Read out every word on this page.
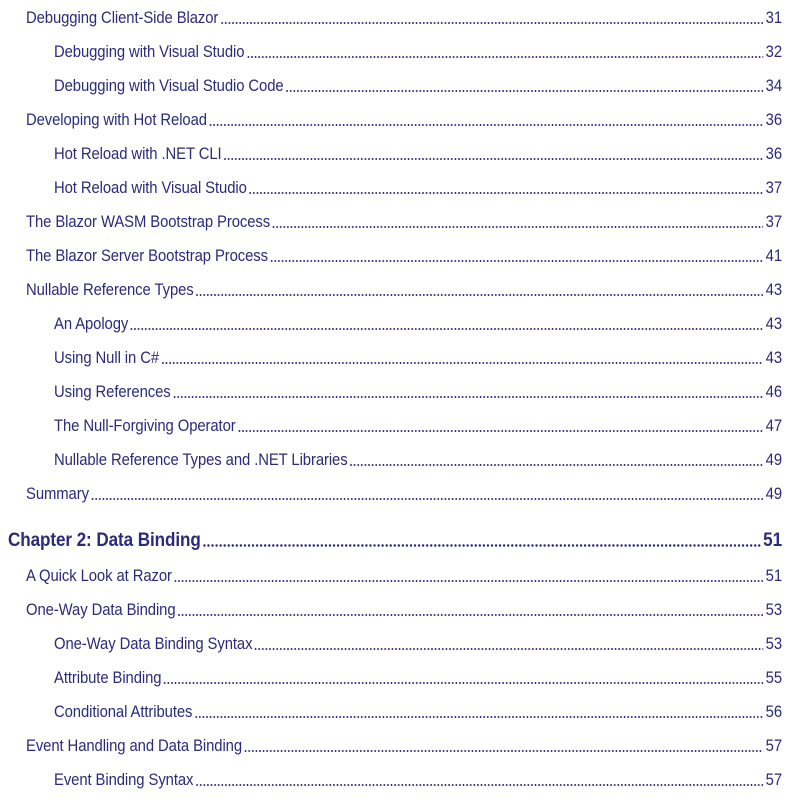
Debugging Client-Side Blazor	31
Debugging with Visual Studio	32
Debugging with Visual Studio Code	34
Developing with Hot Reload	36
Hot Reload with .NET CLI	36
Hot Reload with Visual Studio	37
The Blazor WASM Bootstrap Process	37
The Blazor Server Bootstrap Process	41
Nullable Reference Types	43
An Apology	43
Using Null in C#	43
Using References	46
The Null-Forgiving Operator	47
Nullable Reference Types and .NET Libraries	49
Summary	49
Chapter 2: Data Binding	51
A Quick Look at Razor	51
One-Way Data Binding	53
One-Way Data Binding Syntax	53
Attribute Binding	55
Conditional Attributes	56
Event Handling and Data Binding	57
Event Binding Syntax	57
